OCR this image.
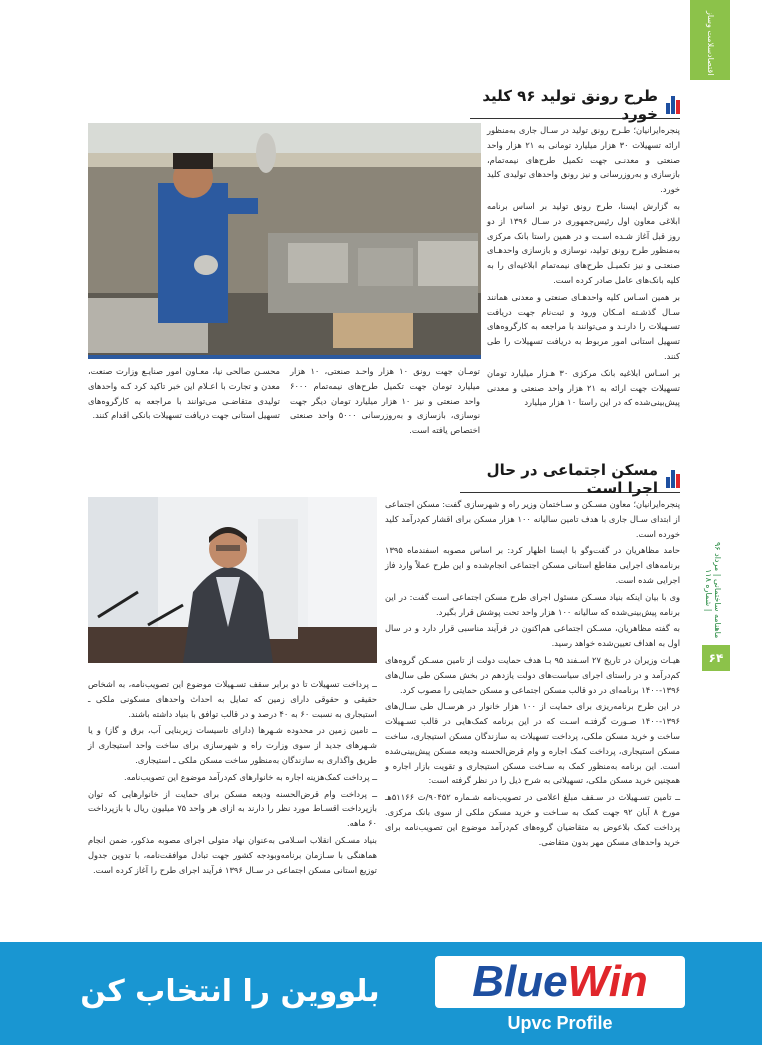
اقتصادسلامت وساز
ماهنامه ساختمانی | مرداد ۹۶ | شماره ۱۱۸
۶۴
طرح رونق تولید ۹۶ کلید خورد

پنجره‌ایرانیان؛ طـرح رونق تولید در سـال جاری به‌منظور ارائه تسهیلات ۳۰ هزار میلیارد تومانی به ۲۱ هزار واحد صنعتی و معدنـی جهت تکمیل طرح‌های نیمه‌تمام، بازسازی و به‌روزرسانی و نیز رونق واحدهای تولیدی کلید خورد.

به گزارش ایسنا، طرح رونق تولید بر اساس برنامه ابلاغی معاون اول رئیس‌جمهوری در سـال ۱۳۹۶ از دو روز قبل آغاز شـده اسـت و در همین راستا بانک مرکزی به‌منظور طرح رونق تولید، نوسازی و بازسازی واحدهـای صنعتـی و نیز تکمیـل طرح‌های نیمه‌تمام ابلاغیه‌ای را به کلیه بانک‌های عامل صادر کرده است.

بر همین اسـاس کلیه واحدهـای صنعتی و معدنی همانند سـال گذشـته امـکان ورود و ثبت‌نام جهت دریافت تسـهیلات را دارنـد و می‌توانند با مراجعه به کارگروه‌های تسهیل استانی امور مربوط به دریافت تسهیلات را طی کنند.

بر اسـاس ابلاغیه بانک مرکزی ۳۰ هـزار میلیارد تومان تسهیلات جهت ارائه به ۲۱ هزار واحد صنعتی و معدنی پیش‌بینی‌شده که در این راستا ۱۰ هزار میلیارد

تومـان جهت رونق ۱۰ هزار واحـد صنعتی، ۱۰ هزار میلیارد تومان جهت تکمیل طرح‌های نیمه‌تمام ۶۰۰۰ واحد صنعتی و نیز ۱۰ هزار میلیارد تومان دیگر جهت نوسازی، بازسازی و به‌روزرسانی ۵۰۰۰ واحد صنعتی اختصاص یافته است.

محسـن صالحی نیا، معـاون امور صنایـع وزارت صنعت، معدن و تجارت با اعـلام این خبر تاکید کرد کـه واحدهای تولیدی متقاضـی می‌توانند با مراجعه به کارگروه‌های تسهیل استانی جهت دریافت تسهیلات بانکی اقدام کنند.

مسکن اجتماعی در حال اجرا است

پنجره‌ایرانیان؛ معاون مسـکن و سـاختمان وزیر راه و شهرسازی گفت: مسکن اجتماعی از ابتدای سـال جاری با هدف تامین سالیانه ۱۰۰ هزار مسکن برای اقشار کم‌درآمد کلید خورده است.

حامد مظاهریان در گفت‌وگو با ایسنا اظهار کرد: بر اساس مصوبه اسفندماه ۱۳۹۵ برنامه‌های اجرایی مقاطع استانی مسکن اجتماعی انجام‌شده و این طرح عملاً وارد فاز اجرایی شده است.

وی با بیان اینکه بنیاد مسـکن مسئول اجرای طرح مسکن اجتماعی است گفت: در این برنامه پیش‌بینی‌شده که سالیانه ۱۰۰ هزار واحد تحت پوشش قرار بگیرد.

به گفته مظاهریان، مسـکن اجتماعی هم‌اکنون در فرآیند مناسبی قرار دارد و در سال اول به اهداف تعیین‌شده خواهد رسید.

هیـات وزیران در تاریخ ۲۷ اسـفند ۹۵ بـا هدف حمایت دولت از تامین مسـکن گروه‌های کم‌درآمد و در راستای اجرای سیاست‌های دولت یازدهم در بخش مسکن طی سال‌های ۱۳۹۶-۱۴۰۰ برنامه‌ای در دو قالب مسکن اجتماعی و مسکن حمایتی را مصوب کرد.

در این طرح برنامه‌ریزی برای حمایت از ۱۰۰ هزار خانوار در هرسـال طی سـال‌های ۱۳۹۶-۱۴۰۰ صـورت گرفتـه اسـت که در این برنامه کمک‌هایی در قالب تسـهیلات ساخت و خرید مسکن ملکی، پرداخت تسهیلات به سازندگان مسکن استیجاری، ساخت مسکن استیجاری، پرداخت کمک اجاره و وام قرض‌الحسنه ودیعه مسکن پیش‌بینی‌شده است. این برنامه به‌منظور کمک به سـاخت مسکن استیجاری و تقویت بازار اجاره و همچنین خرید مسکن ملکی، تسهیلاتی به شرح ذیل را در نظر گرفته است:

ــ تامین تسـهیلات در سـقف مبلغ اعلامی در تصویب‌نامه شـماره ۹۰۴۵۲/ت ۵۱۱۶۶هـ مورخ ۸ آبان ۹۲ جهت کمک به سـاخت و خرید مسکن ملکی از سوی بانک مرکزی. پرداخت کمک بلاعوض به متقاضیان گروه‌های کم‌درآمد موضوع این تصویب‌نامه برای خرید واحدهای مسکن مهر بدون متقاضی.

ــ پرداخت تسهیلات تا دو برابر سقف تسـهیلات موضوع این تصویب‌نامه، به اشخاص حقیقی و حقوقی دارای زمین که تمایل به احداث واحدهای مسکونی ملکی ـ استیجاری به نسبت ۶۰ به ۴۰ درصد و در قالب توافق با بنیاد داشته باشند.

ــ تامین زمین در محدوده شـهرها (دارای تاسیسات زیربنایی آب، برق و گاز) و یا شـهرهای جدید از سوی وزارت راه و شهرسازی برای ساخت واحد استیجاری از طریق واگذاری به سازندگان به‌منظور ساخت مسکن ملکی ـ استیجاری.

ــ پرداخت کمک‌هزینه اجاره به خانوارهای کم‌درآمد موضوع این تصویب‌نامه.

ــ پرداخت وام قرض‌الحسنه ودیعه مسکن برای حمایت از خانوارهایی که توان بازپرداخت اقسـاط مورد نظر را دارند به ازای هر واحد ۷۵ میلیون ریال با بازپرداخت ۶۰ ماهه.

بنیاد مسـکن انقلاب اسـلامی به‌عنوان نهاد متولی اجرای مصوبه مذکور، ضمن انجام هماهنگی با سـازمان برنامه‌وبودجه کشور جهت تبادل موافقت‌نامه، با تدوین جدول توزیع استانی مسکن اجتماعی در سـال ۱۳۹۶ فرآیند اجرای طرح را آغاز کرده است.

بلووین را انتخاب کن	BlueWin
Upvc Profile
